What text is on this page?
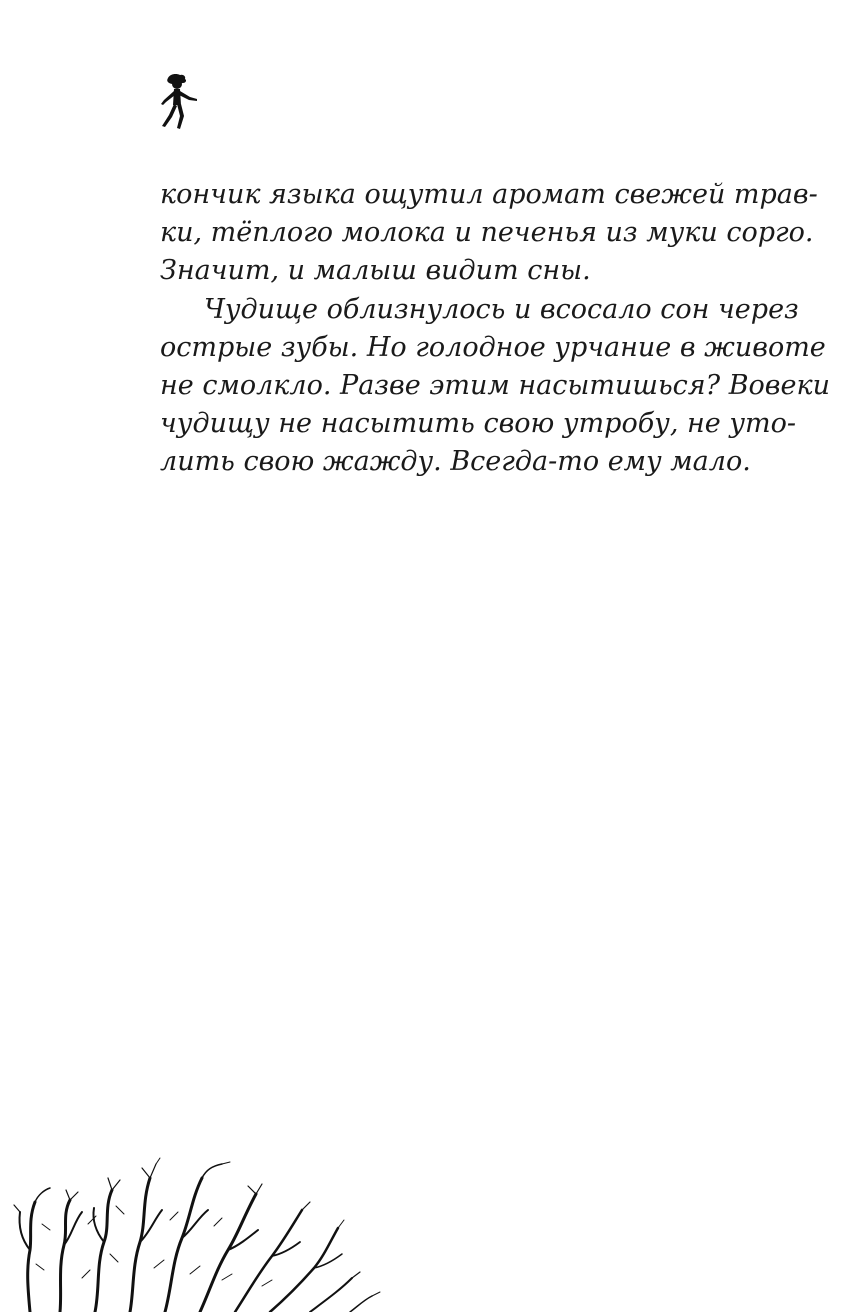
кончик языка ощутил аромат свежей трав-
ки, тёплого молока и печенья из муки сорго.
Значит, и малыш видит сны.

Чудище облизнулось и всосало сон через
острые зубы. Но голодное урчание в животе
не смолкло. Разве этим насытишься? Вовеки
чудищу не насытить свою утробу, не уто-
лить свою жажду. Всегда-то ему мало.
